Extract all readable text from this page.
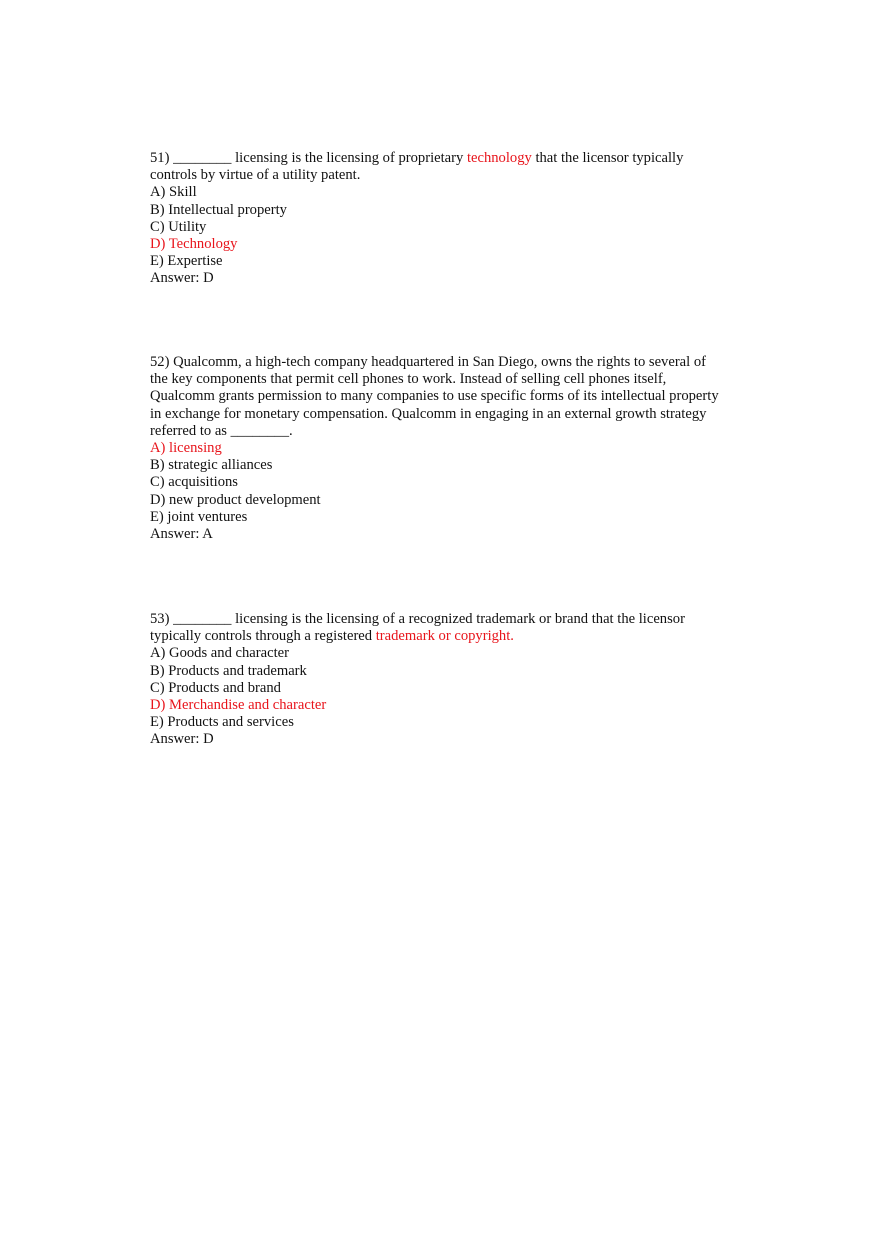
51) ________ licensing is the licensing of proprietary technology that the licensor typically
controls by virtue of a utility patent.
A) Skill
B) Intellectual property
C) Utility
D) Technology
E) Expertise
Answer: D
52) Qualcomm, a high-tech company headquartered in San Diego, owns the rights to several of
the key components that permit cell phones to work. Instead of selling cell phones itself,
Qualcomm grants permission to many companies to use specific forms of its intellectual property
in exchange for monetary compensation. Qualcomm in engaging in an external growth strategy
referred to as ________.
A) licensing
B) strategic alliances
C) acquisitions
D) new product development
E) joint ventures
Answer: A
53) ________ licensing is the licensing of a recognized trademark or brand that the licensor
typically controls through a registered trademark or copyright.
A) Goods and character
B) Products and trademark
C) Products and brand
D) Merchandise and character
E) Products and services
Answer: D
